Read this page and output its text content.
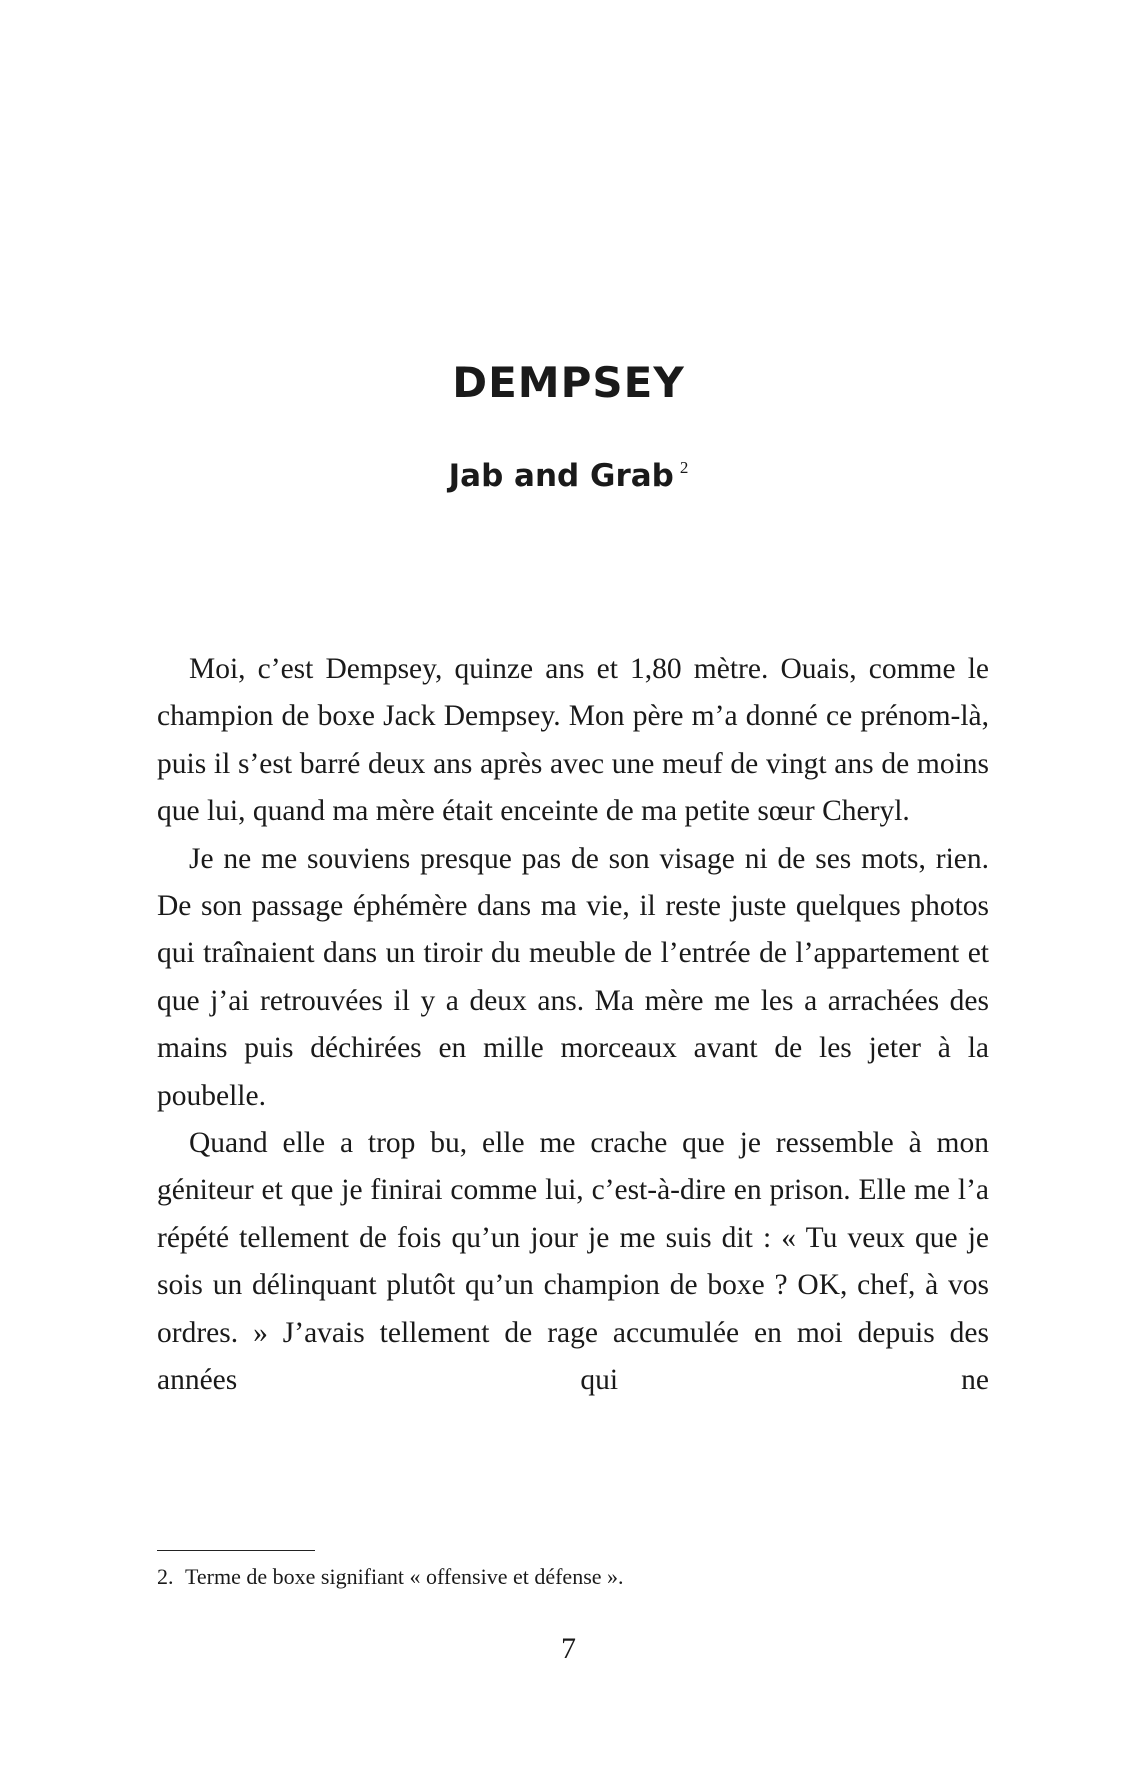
DEMPSEY
Jab and Grab $^2$

Moi, c’est Dempsey, quinze ans et 1,80 mètre. Ouais, comme le champion de boxe Jack Dempsey. Mon père m’a donné ce prénom-là, puis il s’est barré deux ans après avec une meuf de vingt ans de moins que lui, quand ma mère était enceinte de ma petite sœur Cheryl.

Je ne me souviens presque pas de son visage ni de ses mots, rien. De son passage éphémère dans ma vie, il reste juste quelques photos qui traînaient dans un tiroir du meuble de l’entrée de l’appartement et que j’ai retrouvées il y a deux ans. Ma mère me les a arrachées des mains puis déchirées en mille morceaux avant de les jeter à la poubelle.

Quand elle a trop bu, elle me crache que je ressemble à mon géniteur et que je finirai comme lui, c’est-à-dire en prison. Elle me l’a répété tellement de fois qu’un jour je me suis dit : « Tu veux que je sois un délinquant plutôt qu’un champion de boxe ? OK, chef, à vos ordres. » J’avais tellement de rage accumulée en moi depuis des années qui ne

2. Terme de boxe signifiant « offensive et défense ».

7
